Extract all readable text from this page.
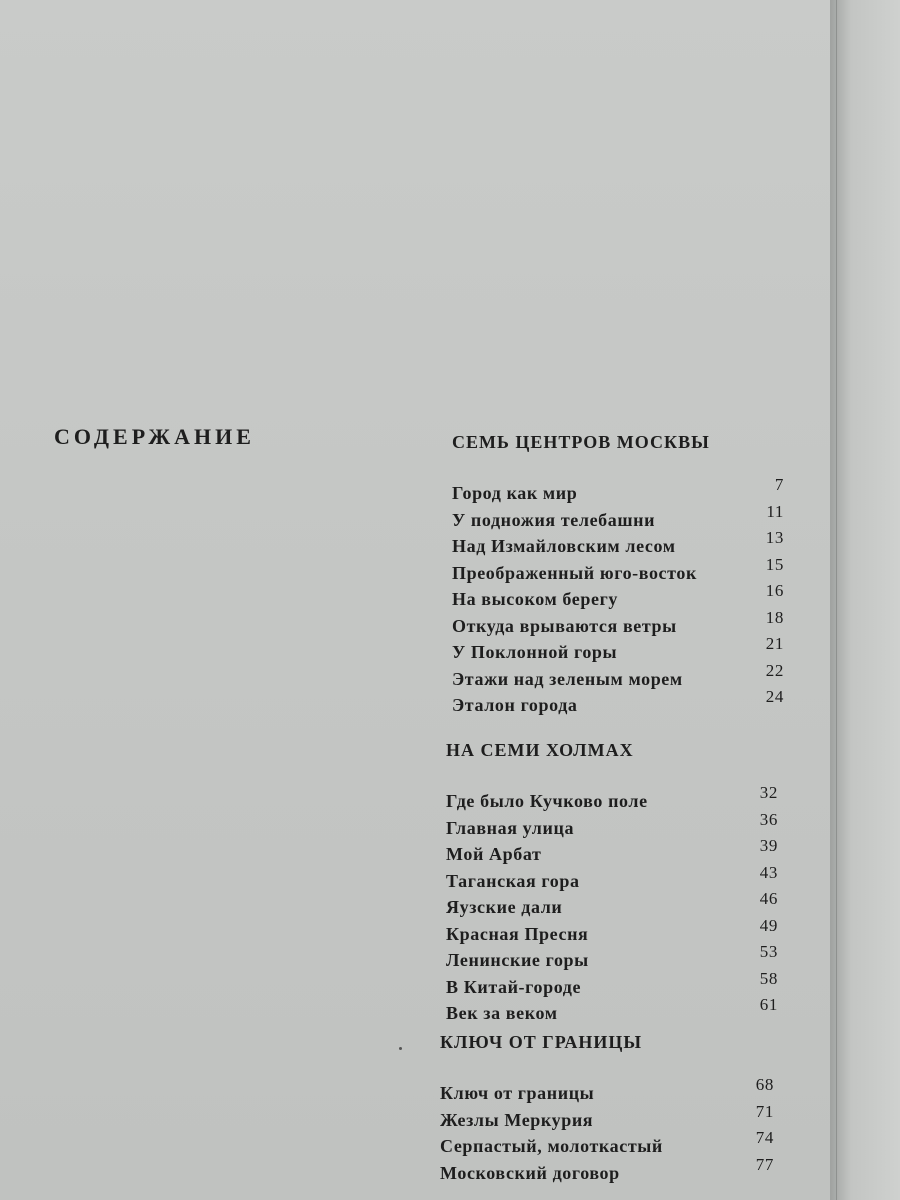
СОДЕРЖАНИЕ	СЕМЬ ЦЕНТРОВ МОСКВЫ
Город как мир	7
У подножия телебашни	11
Над Измайловским лесом	13
Преображенный юго-восток	15
На высоком берегу	16
Откуда врываются ветры	18
У Поклонной горы	21
Этажи над зеленым морем	22
Эталон города	24
НА СЕМИ ХОЛМАХ
Где было Кучково поле	32
Главная улица	36
Мой Арбат	39
Таганская гора	43
Яузские дали	46
Красная Пресня	49
Ленинские горы	53
В Китай-городе	58
Век за веком	61
КЛЮЧ ОТ ГРАНИЦЫ
Ключ от границы	68
Жезлы Меркурия	71
Серпастый, молоткастый	74
Московский договор	77
